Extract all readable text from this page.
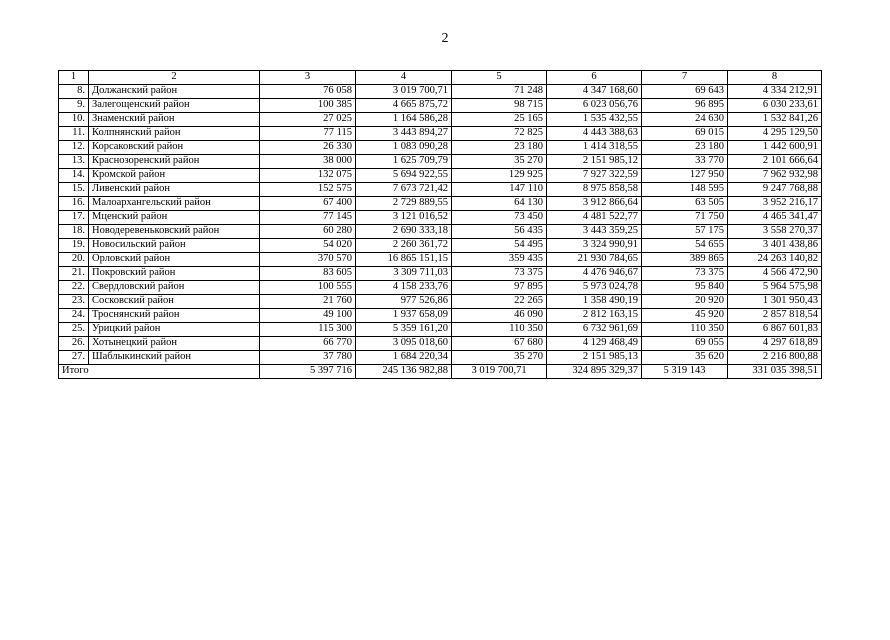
2
1	2	3	4	5	6	7	8
8.	Должанский район	76 058	3 019 700,71	71 248	4 347 168,60	69 643	4 334 212,91
9.	Залегощенский район	100 385	4 665 875,72	98 715	6 023 056,76	96 895	6 030 233,61
10.	Знаменский район	27 025	1 164 586,28	25 165	1 535 432,55	24 630	1 532 841,26
11.	Колпнянский район	77 115	3 443 894,27	72 825	4 443 388,63	69 015	4 295 129,50
12.	Корсаковский район	26 330	1 083 090,28	23 180	1 414 318,55	23 180	1 442 600,91
13.	Краснозоренский район	38 000	1 625 709,79	35 270	2 151 985,12	33 770	2 101 666,64
14.	Кромской район	132 075	5 694 922,55	129 925	7 927 322,59	127 950	7 962 932,98
15.	Ливенский район	152 575	7 673 721,42	147 110	8 975 858,58	148 595	9 247 768,88
16.	Малоархангельский район	67 400	2 729 889,55	64 130	3 912 866,64	63 505	3 952 216,17
17.	Мценский район	77 145	3 121 016,52	73 450	4 481 522,77	71 750	4 465 341,47
18.	Новодеревеньковский район	60 280	2 690 333,18	56 435	3 443 359,25	57 175	3 558 270,37
19.	Новосильский район	54 020	2 260 361,72	54 495	3 324 990,91	54 655	3 401 438,86
20.	Орловский район	370 570	16 865 151,15	359 435	21 930 784,65	389 865	24 263 140,82
21.	Покровский район	83 605	3 309 711,03	73 375	4 476 946,67	73 375	4 566 472,90
22.	Свердловский район	100 555	4 158 233,76	97 895	5 973 024,78	95 840	5 964 575,98
23.	Сосковский район	21 760	977 526,86	22 265	1 358 490,19	20 920	1 301 950,43
24.	Троснянский район	49 100	1 937 658,09	46 090	2 812 163,15	45 920	2 857 818,54
25.	Урицкий район	115 300	5 359 161,20	110 350	6 732 961,69	110 350	6 867 601,83
26.	Хотынецкий район	66 770	3 095 018,60	67 680	4 129 468,49	69 055	4 297 618,89
27.	Шаблыкинский район	37 780	1 684 220,34	35 270	2 151 985,13	35 620	2 216 800,88
Итого		5 397 716	245 136 982,88	3 019 700,71	324 895 329,37	5 319 143	331 035 398,51
